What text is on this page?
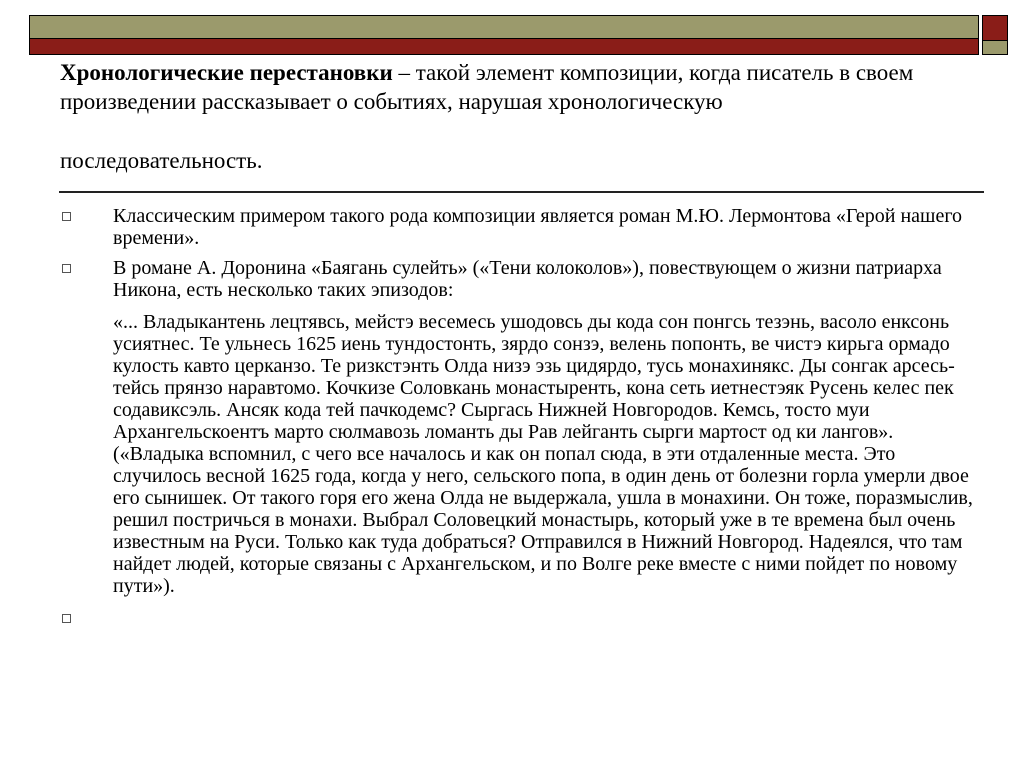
Хронологические перестановки – такой элемент композиции, когда писатель в своем произведении рассказывает о событиях, нарушая хронологическую
последовательность.
Классическим примером такого рода композиции является роман М.Ю. Лермонтова «Герой нашего времени».
В романе А. Доронина «Баягань сулейть» («Тени колоколов»), повествующем о жизни патриарха Никона, есть несколько таких эпизодов:
«... Владыкантень лецтявсь, мейстэ весемесь ушодовсь ды кода сон понгсь тезэнь, васоло енксонь усиятнес. Те ульнесь 1625 иень тундостонть, зярдо сонзэ, велень попонть, ве чистэ кирьга ормадо кулость кавто церканзо. Те ризкстэнть Олда низэ эзь цидярдо, тусь монахинякс. Ды сонгак арсесь-тейсь прянзо наравтомо. Кочкизе Соловкань монастыренть, кона сеть иетнестэяк Русень келес пек содавиксэль. Ансяк кода тей пачкодемс? Сыргась Нижней Новгородов. Кемсь, тосто муи Архангельскоентъ марто сюлмавозь ломанть ды Рав лейганть сырги мартост од ки лангов». («Владыка вспомнил, с чего все началось и как он попал сюда, в эти отдаленные места. Это случилось весной 1625 года, когда у него, сельского попа, в один день от болезни горла умерли двое его сынишек. От такого горя его жена Олда не выдержала, ушла в монахини. Он тоже, поразмыслив, решил постричься в монахи. Выбрал Соловецкий монастырь, который уже в те времена был очень известным на Руси. Только как туда добраться? Отправился в Нижний Новгород. Надеялся, что там найдет людей, которые связаны с Архангельском, и по Волге реке вместе с ними пойдет по новому пути»).
